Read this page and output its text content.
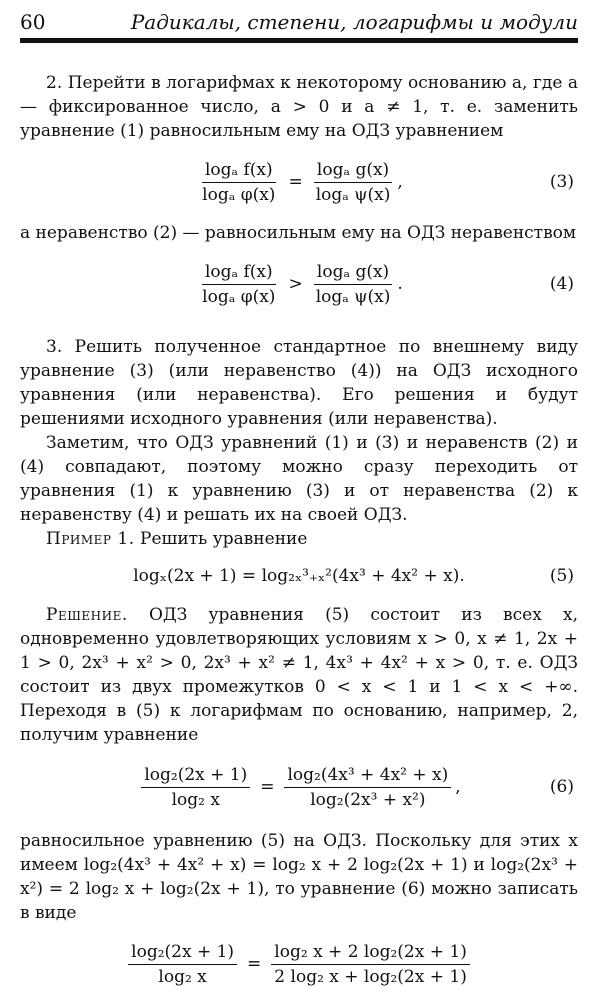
60	Радикалы, степени, логарифмы и модули

2. Перейти в логарифмах к некоторому основанию a, где a — фиксированное число, a > 0 и a ≠ 1, т. е. заменить уравнение (1) равносильным ему на ОДЗ уравнением

$\frac{\text{logₐ f(x)}}{\text{logₐ φ(x)}} = \frac{\text{logₐ g(x)}}{\text{logₐ ψ(x)}}$ ,	(3)

а неравенство (2) — равносильным ему на ОДЗ неравенством

$\frac{\text{logₐ f(x)}}{\text{logₐ φ(x)}} > \frac{\text{logₐ g(x)}}{\text{logₐ ψ(x)}}$ .	(4)

3. Решить полученное стандартное по внешнему виду уравнение (3) (или неравенство (4)) на ОДЗ исходного уравнения (или неравенства). Его решения и будут решениями исходного уравнения (или неравенства).

Заметим, что ОДЗ уравнений (1) и (3) и неравенств (2) и (4) совпадают, поэтому можно сразу переходить от уравнения (1) к уравнению (3) и от неравенства (2) к неравенству (4) и решать их на своей ОДЗ.

Пример 1. Решить уравнение

logₓ(2x + 1) = log₂ₓ³₊ₓ²(4x³ + 4x² + x).	(5)

Решение. ОДЗ уравнения (5) состоит из всех x, одновременно удовлетворяющих условиям x > 0, x ≠ 1, 2x + 1 > 0, 2x³ + x² > 0, 2x³ + x² ≠ 1, 4x³ + 4x² + x > 0, т. е. ОДЗ состоит из двух промежутков 0 < x < 1 и 1 < x < +∞. Переходя в (5) к логарифмам по основанию, например, 2, получим уравнение

$\frac{\text{log₂(2x + 1)}}{\text{log₂ x}} = \frac{\text{log₂(4x³ + 4x² + x)}}{\text{log₂(2x³ + x²)}}$ ,	(6)

равносильное уравнению (5) на ОДЗ. Поскольку для этих x имеем log₂(4x³ + 4x² + x) = log₂ x + 2 log₂(2x + 1) и log₂(2x³ + x²) = 2 log₂ x + log₂(2x + 1), то уравнение (6) можно записать в виде

$\frac{\text{log₂(2x + 1)}}{\text{log₂ x}} = \frac{\text{log₂ x + 2 log₂(2x + 1)}}{\text{2 log₂ x + log₂(2x + 1)}}$
